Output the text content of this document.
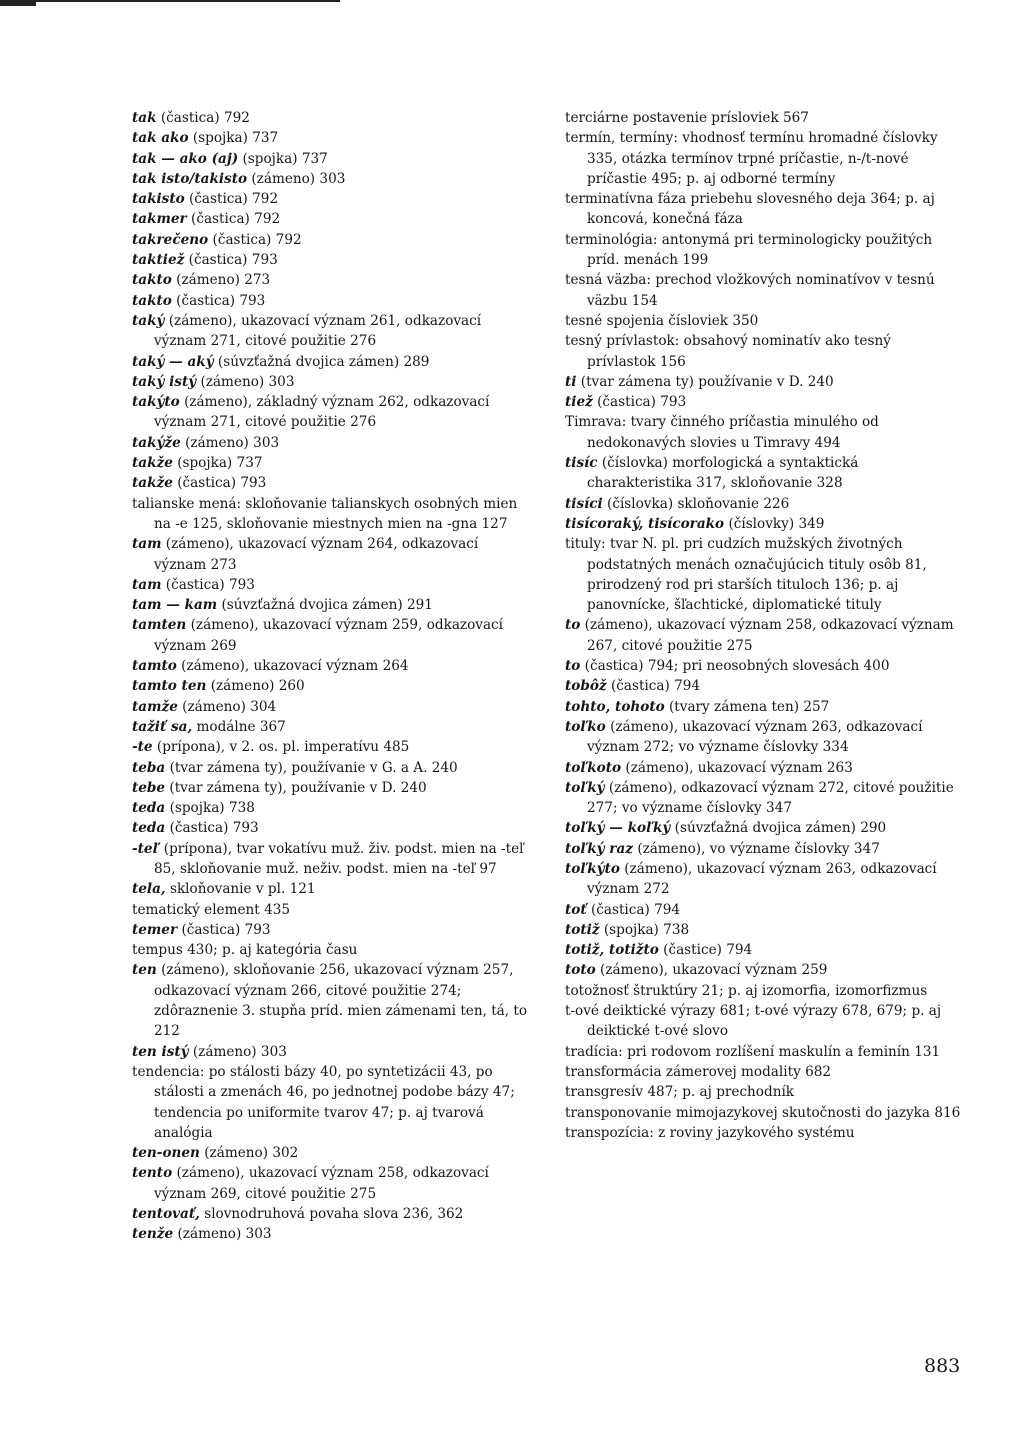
tak (častica) 792

tak ako (spojka) 737

tak — ako (aj) (spojka) 737

tak isto/takisto (zámeno) 303

takisto (častica) 792

takmer (častica) 792

takrečeno (častica) 792

taktiež (častica) 793

takto (zámeno) 273

takto (častica) 793

taký (zámeno), ukazovací význam 261, odkazovací význam 271, citové použitie 276

taký — aký (súvzťažná dvojica zámen) 289

taký istý (zámeno) 303

takýto (zámeno), základný význam 262, odkazovací význam 271, citové použitie 276

takýže (zámeno) 303

takže (spojka) 737

takže (častica) 793

talianske mená: skloňovanie talianskych osobných mien na -e 125, skloňovanie miestnych mien na -gna 127

tam (zámeno), ukazovací význam 264, odkazovací význam 273

tam (častica) 793

tam — kam (súvzťažná dvojica zámen) 291

tamten (zámeno), ukazovací význam 259, odkazovací význam 269

tamto (zámeno), ukazovací význam 264

tamto ten (zámeno) 260

tamže (zámeno) 304

tažiť sa, modálne 367

-te (prípona), v 2. os. pl. imperatívu 485

teba (tvar zámena ty), používanie v G. a A. 240

tebe (tvar zámena ty), používanie v D. 240

teda (spojka) 738

teda (častica) 793

-teľ (prípona), tvar vokatívu muž. živ. podst. mien na -teľ 85, skloňovanie muž. neživ. podst. mien na -teľ 97

tela, skloňovanie v pl. 121

tematický element 435

temer (častica) 793

tempus 430; p. aj kategória času

ten (zámeno), skloňovanie 256, ukazovací význam 257, odkazovací význam 266, citové použitie 274; zdôraznenie 3. stupňa príd. mien zámenami ten, tá, to 212

ten istý (zámeno) 303

tendencia: po stálosti bázy 40, po syntetizácii 43, po stálosti a zmenách 46, po jednotnej podobe bázy 47; tendencia po uniformite tvarov 47; p. aj tvarová analógia

ten-onen (zámeno) 302

tento (zámeno), ukazovací význam 258, odkazovací význam 269, citové použitie 275

tentovať, slovnodruhová povaha slova 236, 362

tenže (zámeno) 303

terciárne postavenie prísloviek 567

termín, termíny: vhodnosť termínu hromadné číslovky 335, otázka termínov trpné príčastie, n-/t-nové príčastie 495; p. aj odborné termíny

terminatívna fáza priebehu slovesného deja 364; p. aj koncová, konečná fáza

terminológia: antonymá pri terminologicky použitých príd. menách 199

tesná väzba: prechod vložkových nominatívov v tesnú väzbu 154

tesné spojenia čísloviek 350

tesný prívlastok: obsahový nominatív ako tesný prívlastok 156

ti (tvar zámena ty) používanie v D. 240

tiež (častica) 793

Timrava: tvary činného príčastia minulého od nedokonavých slovies u Timravy 494

tisíc (číslovka) morfologická a syntaktická charakteristika 317, skloňovanie 328

tisíci (číslovka) skloňovanie 226

tisícoraký, tisícorako (číslovky) 349

tituly: tvar N. pl. pri cudzích mužských životných podstatných menách označujúcich tituly osôb 81, prirodzený rod pri starších tituloch 136; p. aj panovnícke, šľachtické, diplomatické tituly

to (zámeno), ukazovací význam 258, odkazovací význam 267, citové použitie 275

to (častica) 794; pri neosobných slovesách 400

tobôž (častica) 794

tohto, tohoto (tvary zámena ten) 257

toľko (zámeno), ukazovací význam 263, odkazovací význam 272; vo význame číslovky 334

toľkoto (zámeno), ukazovací význam 263

toľký (zámeno), odkazovací význam 272, citové použitie 277; vo význame číslovky 347

toľký — koľký (súvzťažná dvojica zámen) 290

toľký raz (zámeno), vo význame číslovky 347

toľkýto (zámeno), ukazovací význam 263, odkazovací význam 272

toť (častica) 794

totiž (spojka) 738

totiž, totižto (častice) 794

toto (zámeno), ukazovací význam 259

totožnosť štruktúry 21; p. aj izomorfia, izomorfizmus

t-ové deiktické výrazy 681; t-ové výrazy 678, 679; p. aj deiktické t-ové slovo

tradícia: pri rodovom rozlíšení maskulín a feminín 131

transformácia zámerovej modality 682

transgresív 487; p. aj prechodník

transponovanie mimojazykovej skutočnosti do jazyka 816

transpozícia: z roviny jazykového systému

883
